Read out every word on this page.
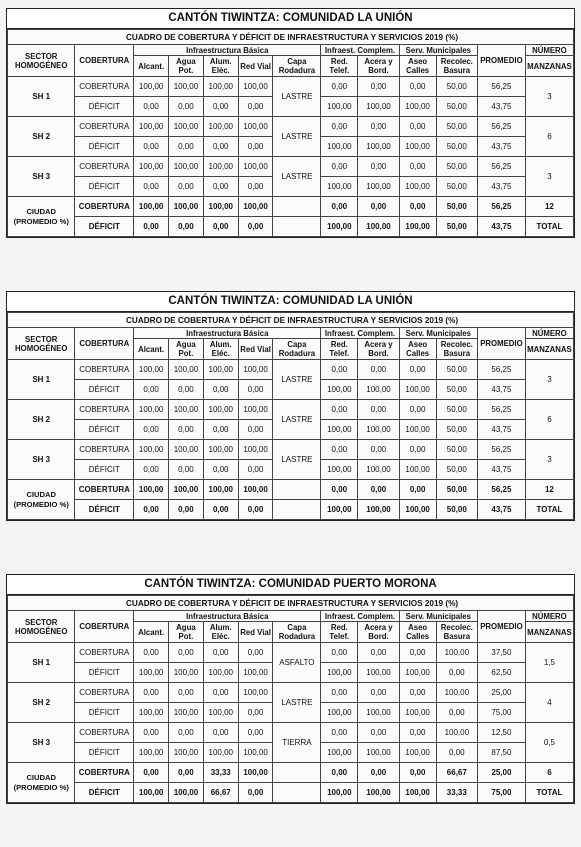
CANTÓN TIWINTZA: COMUNIDAD LA UNIÓN
CUADRO DE COBERTURA Y DÉFICIT DE INFRAESTRUCTURA Y SERVICIOS 2019 (%)												
SECTOR HOMOGÉNEO	COBERTURA	Infraestructura Básica					Infraest. Complem.		Serv. Municipales		PROMEDIO	NÚMERO
		Alcant.	Agua Pot.	Alum. Eléc.	Red Vial	Capa Rodadura	Red. Telef.	Acera y Bord.	Aseo Calles	Recolec. Basura		MANZANAS
SH 1	COBERTURA	100,00	100,00	100,00	100,00	LASTRE	0,00	0,00	0,00	50,00	56,25	3
	DÉFICIT	0,00	0,00	0,00	0,00		100,00	100,00	100,00	50,00	43,75	
SH 2	COBERTURA	100,00	100,00	100,00	100,00	LASTRE	0,00	0,00	0,00	50,00	56,25	6
	DÉFICIT	0,00	0,00	0,00	0,00		100,00	100,00	100,00	50,00	43,75	
SH 3	COBERTURA	100,00	100,00	100,00	100,00	LASTRE	0,00	0,00	0,00	50,00	56,25	3
	DÉFICIT	0,00	0,00	0,00	0,00		100,00	100,00	100,00	50,00	43,75	
CIUDAD (PROMEDIO %)	COBERTURA	100,00	100,00	100,00	100,00		0,00	0,00	0,00	50,00	56,25	12
	DÉFICIT	0,00	0,00	0,00	0,00		100,00	100,00	100,00	50,00	43,75	TOTAL
CANTÓN TIWINTZA: COMUNIDAD LA UNIÓN
CUADRO DE COBERTURA Y DÉFICIT DE INFRAESTRUCTURA Y SERVICIOS 2019 (%)												
SECTOR HOMOGÉNEO	COBERTURA	Infraestructura Básica					Infraest. Complem.		Serv. Municipales		PROMEDIO	NÚMERO
		Alcant.	Agua Pot.	Alum. Eléc.	Red Vial	Capa Rodadura	Red. Telef.	Acera y Bord.	Aseo Calles	Recolec. Basura		MANZANAS
SH 1	COBERTURA	100,00	100,00	100,00	100,00	LASTRE	0,00	0,00	0,00	50,00	56,25	3
	DÉFICIT	0,00	0,00	0,00	0,00		100,00	100,00	100,00	50,00	43,75	
SH 2	COBERTURA	100,00	100,00	100,00	100,00	LASTRE	0,00	0,00	0,00	50,00	56,25	6
	DÉFICIT	0,00	0,00	0,00	0,00		100,00	100,00	100,00	50,00	43,75	
SH 3	COBERTURA	100,00	100,00	100,00	100,00	LASTRE	0,00	0,00	0,00	50,00	56,25	3
	DÉFICIT	0,00	0,00	0,00	0,00		100,00	100,00	100,00	50,00	43,75	
CIUDAD (PROMEDIO %)	COBERTURA	100,00	100,00	100,00	100,00		0,00	0,00	0,00	50,00	56,25	12
	DÉFICIT	0,00	0,00	0,00	0,00		100,00	100,00	100,00	50,00	43,75	TOTAL
CANTÓN TIWINTZA: COMUNIDAD PUERTO MORONA
CUADRO DE COBERTURA Y DÉFICIT DE INFRAESTRUCTURA Y SERVICIOS 2019 (%)												
SECTOR HOMOGÉNEO	COBERTURA	Infraestructura Básica					Infraest. Complem.		Serv. Municipales		PROMEDIO	NÚMERO
		Alcant.	Agua Pot.	Alum. Eléc.	Red Vial	Capa Rodadura	Red. Telef.	Acera y Bord.	Aseo Calles	Recolec. Basura		MANZANAS
SH 1	COBERTURA	0,00	0,00	0,00	0,00	ASFALTO	0,00	0,00	0,00	100,00	37,50	1,5
	DÉFICIT	100,00	100,00	100,00	100,00		100,00	100,00	100,00	0,00	62,50	
SH 2	COBERTURA	0,00	0,00	0,00	100,00	LASTRE	0,00	0,00	0,00	100,00	25,00	4
	DÉFICIT	100,00	100,00	100,00	0,00		100,00	100,00	100,00	0,00	75,00	
SH 3	COBERTURA	0,00	0,00	0,00	0,00	TIERRA	0,00	0,00	0,00	100,00	12,50	0,5
	DÉFICIT	100,00	100,00	100,00	100,00		100,00	100,00	100,00	0,00	87,50	
CIUDAD (PROMEDIO %)	COBERTURA	0,00	0,00	33,33	100,00		0,00	0,00	0,00	66,67	25,00	6
	DÉFICIT	100,00	100,00	66,67	0,00		100,00	100,00	100,00	33,33	75,00	TOTAL
